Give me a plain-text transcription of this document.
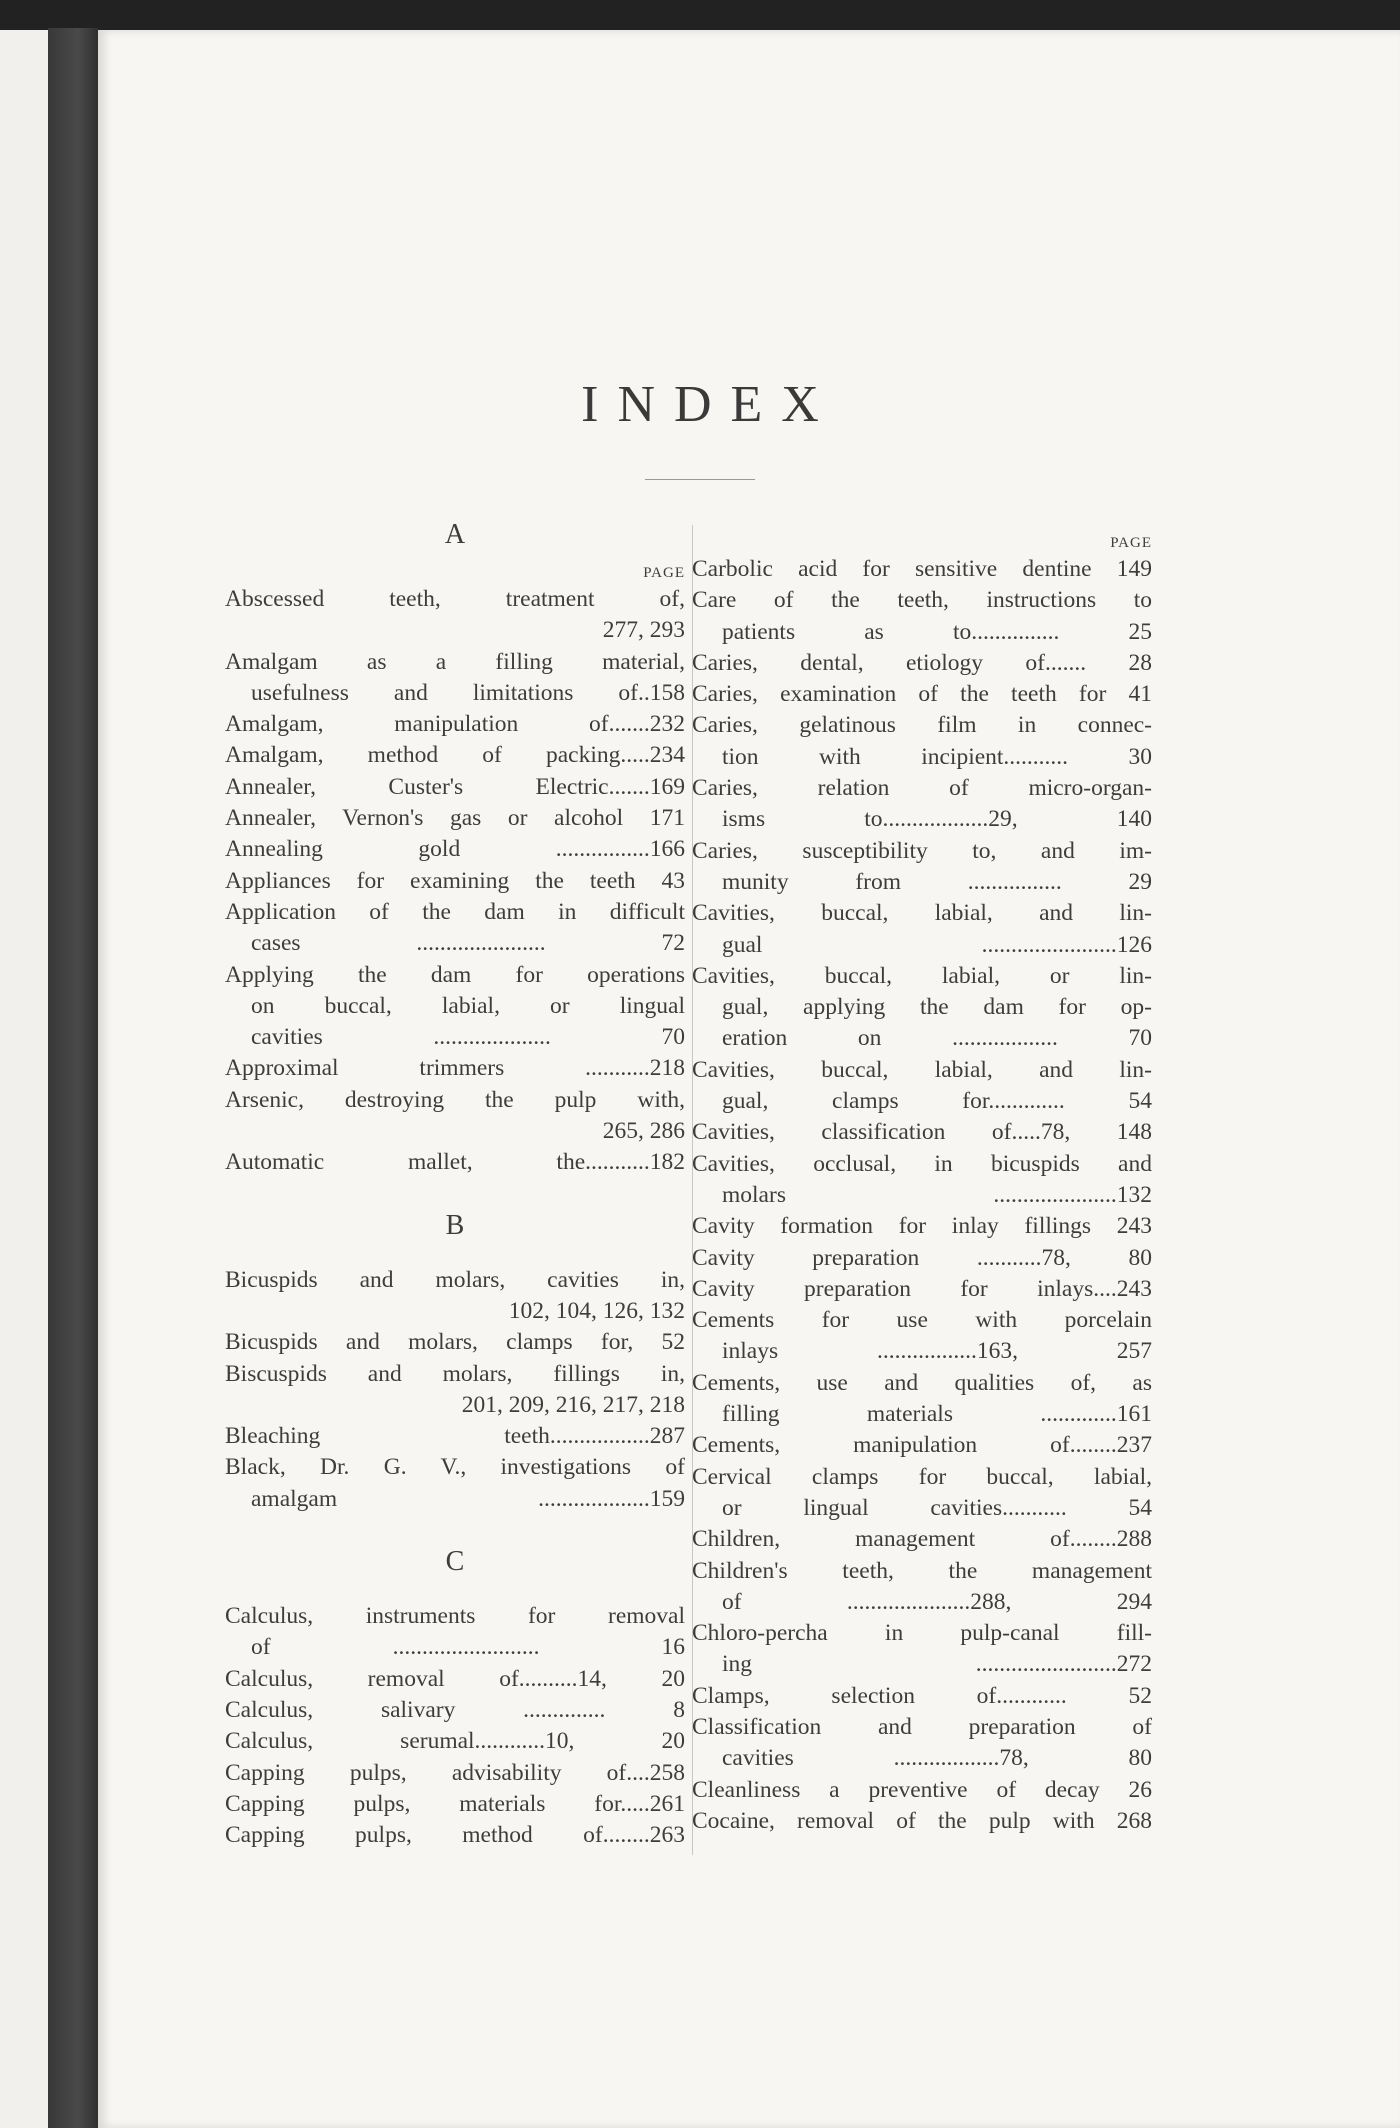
INDEX
A
PAGE

Abscessed teeth, treatment of,
277, 293

Amalgam as a filling material,
usefulness and limitations of..158

Amalgam, manipulation of.......232

Amalgam, method of packing.....234

Annealer, Custer's Electric.......169

Annealer, Vernon's gas or alcohol 171

Annealing gold ................166

Appliances for examining the teeth 43

Application of the dam in difficult
cases ...................... 72

Applying the dam for operations
on buccal, labial, or lingual
cavities .................... 70

Approximal trimmers ...........218

Arsenic, destroying the pulp with,
265, 286

Automatic mallet, the...........182

B

Bicuspids and molars, cavities in,
102, 104, 126, 132

Bicuspids and molars, clamps for, 52

Biscuspids and molars, fillings in,
201, 209, 216, 217, 218

Bleaching teeth.................287

Black, Dr. G. V., investigations of
amalgam ...................159

C

Calculus, instruments for removal
of ......................... 16

Calculus, removal of..........14, 20

Calculus, salivary .............. 8

Calculus, serumal............10, 20

Capping pulps, advisability of....258

Capping pulps, materials for.....261

Capping pulps, method of........263

PAGE

Carbolic acid for sensitive dentine 149

Care of the teeth, instructions to
patients as to............... 25

Caries, dental, etiology of....... 28

Caries, examination of the teeth for 41

Caries, gelatinous film in connec-
tion with incipient........... 30

Caries, relation of micro-organ-
isms to..................29, 140

Caries, susceptibility to, and im-
munity from ................ 29

Cavities, buccal, labial, and lin-
gual .......................126

Cavities, buccal, labial, or lin-
gual, applying the dam for op-
eration on .................. 70

Cavities, buccal, labial, and lin-
gual, clamps for............. 54

Cavities, classification of.....78, 148

Cavities, occlusal, in bicuspids and
molars .....................132

Cavity formation for inlay fillings 243

Cavity preparation ...........78, 80

Cavity preparation for inlays....243

Cements for use with porcelain
inlays .................163, 257

Cements, use and qualities of, as
filling materials .............161

Cements, manipulation of........237

Cervical clamps for buccal, labial,
or lingual cavities........... 54

Children, management of........288

Children's teeth, the management
of .....................288, 294

Chloro-percha in pulp-canal fill-
ing ........................272

Clamps, selection of............ 52

Classification and preparation of
cavities ..................78, 80

Cleanliness a preventive of decay 26

Cocaine, removal of the pulp with 268
